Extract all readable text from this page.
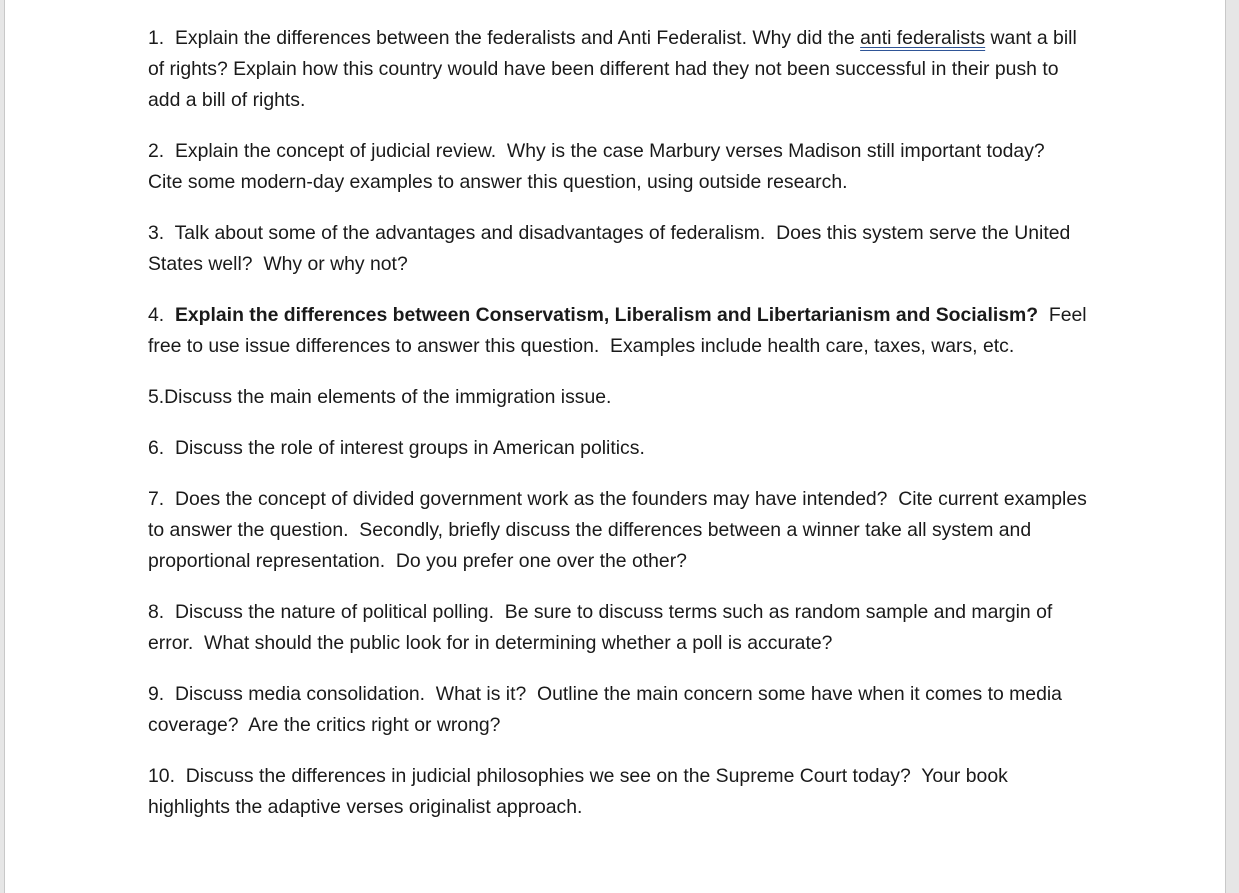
1.  Explain the differences between the federalists and Anti Federalist. Why did the anti federalists want a bill of rights? Explain how this country would have been different had they not been successful in their push to add a bill of rights.

2.  Explain the concept of judicial review.  Why is the case Marbury verses Madison still important today?  Cite some modern-day examples to answer this question, using outside research.

3.  Talk about some of the advantages and disadvantages of federalism.  Does this system serve the United States well?  Why or why not?

4.  Explain the differences between Conservatism, Liberalism and Libertarianism and Socialism?  Feel free to use issue differences to answer this question.  Examples include health care, taxes, wars, etc.

5.Discuss the main elements of the immigration issue.

6.  Discuss the role of interest groups in American politics.

7.  Does the concept of divided government work as the founders may have intended?  Cite current examples to answer the question.  Secondly, briefly discuss the differences between a winner take all system and proportional representation.  Do you prefer one over the other?

8.  Discuss the nature of political polling.  Be sure to discuss terms such as random sample and margin of error.  What should the public look for in determining whether a poll is accurate?

9.  Discuss media consolidation.  What is it?  Outline the main concern some have when it comes to media coverage?  Are the critics right or wrong?

10.  Discuss the differences in judicial philosophies we see on the Supreme Court today?  Your book highlights the adaptive verses originalist approach.
